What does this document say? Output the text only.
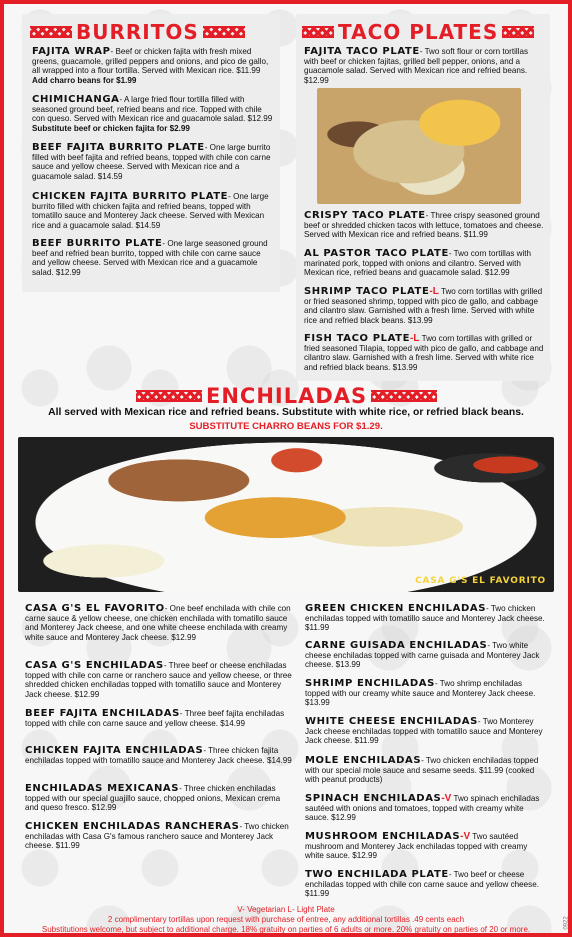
BURRITOS	TACO PLATES
FAJITA WRAP- Beef or chicken fajita with fresh mixed greens, guacamole, grilled peppers and onions, and pico de gallo, all wrapped into a flour tortilla. Served with Mexican rice. $11.99 Add charro beans for $1.99
CHIMICHANGA- A large fried flour tortilla filled with seasoned ground beef, refried beans and rice. Topped with chile con queso. Served with Mexican rice and guacamole salad. $12.99 Substitute beef or chicken fajita for $2.99
BEEF FAJITA BURRITO PLATE- One large burrito filled with beef fajita and refried beans, topped with chile con carne sauce and yellow cheese. Served with Mexican rice and a guacamole salad. $14.59
CHICKEN FAJITA BURRITO PLATE- One large burrito filled with chicken fajita and refried beans, topped with tomatillo sauce and Monterey Jack cheese. Served with Mexican rice and a guacamole salad. $14.59
BEEF BURRITO PLATE- One large seasoned ground beef and refried bean burrito, topped with chile con carne sauce and yellow cheese. Served with Mexican rice and a guacamole salad. $12.99
FAJITA TACO PLATE- Two soft flour or corn tortillas with beef or chicken fajitas, grilled bell pepper, onions, and a guacamole salad. Served with Mexican rice and refried beans. $12.99
CRISPY TACO PLATE- Three crispy seasoned ground beef or shredded chicken tacos with lettuce, tomatoes and cheese. Served with Mexican rice and refried beans. $11.99
AL PASTOR TACO PLATE- Two corn tortillas with marinated pork, topped with onions and cilantro. Served with Mexican rice, refried beans and guacamole salad. $12.99
SHRIMP TACO PLATE-L Two corn tortillas with grilled or fried seasoned shrimp, topped with pico de gallo, and cabbage and cilantro slaw. Garnished with a fresh lime. Served with white rice and refried black beans. $13.99
FISH TACO PLATE-L Two corn tortillas with grilled or fried seasoned Tilapia, topped with pico de gallo, and cabbage and cilantro slaw. Garnished with a fresh lime. Served with white rice and refried black beans. $13.99
ENCHILADAS
All served with Mexican rice and refried beans. Substitute with white rice, or refried black beans.
SUBSTITUTE CHARRO BEANS FOR $1.29.
CASA G'S EL FAVORITO
CASA G'S EL FAVORITO- One beef enchilada with chile con carne sauce & yellow cheese, one chicken enchilada with tomatillo sauce and Monterey Jack cheese, and one white cheese enchilada with creamy white sauce and Monterey Jack cheese. $12.99
CASA G'S ENCHILADAS- Three beef or cheese enchiladas topped with chile con carne or ranchero sauce and yellow cheese, or three shredded chicken enchiladas topped with tomatillo sauce and Monterey Jack cheese. $12.99
BEEF FAJITA ENCHILADAS- Three beef fajita enchiladas topped with chile con carne sauce and yellow cheese. $14.99
CHICKEN FAJITA ENCHILADAS- Three chicken fajita enchiladas topped with tomatillo sauce and Monterey Jack cheese. $14.99
ENCHILADAS MEXICANAS- Three chicken enchiladas topped with our special guajillo sauce, chopped onions, Mexican crema and queso fresco. $12.99
CHICKEN ENCHILADAS RANCHERAS- Two chicken enchiladas with Casa G's famous ranchero sauce and Monterey Jack cheese. $11.99
GREEN CHICKEN ENCHILADAS- Two chicken enchiladas topped with tomatillo sauce and Monterey Jack cheese. $11.99
CARNE GUISADA ENCHILADAS- Two white cheese enchiladas topped with carne guisada and Monterey Jack cheese. $13.99
SHRIMP ENCHILADAS- Two shrimp enchiladas topped with our creamy white sauce and Monterey Jack cheese. $13.99
WHITE CHEESE ENCHILADAS- Two Monterey Jack cheese enchiladas topped with tomatillo sauce and Monterey Jack cheese. $11.99
MOLE ENCHILADAS- Two chicken enchiladas topped with our special mole sauce and sesame seeds. $11.99 (cooked with peanut products)
SPINACH ENCHILADAS-V Two spinach enchiladas sautéed with onions and tomatoes, topped with creamy white sauce. $12.99
MUSHROOM ENCHILADAS-V Two sautéed mushroom and Monterey Jack enchiladas topped with creamy white sauce. $12.99
TWO ENCHILADA PLATE- Two beef or cheese enchiladas topped with chile con carne sauce and yellow cheese. $11.99
V- Vegetarian L- Light Plate
2 complimentary tortillas upon request with purchase of entree, any additional tortillas .49 cents each
Substitutions welcome, but subject to additional charge. 18% gratuity on parties of 6 adults or more. 20% gratuity on parties of 20 or more.	0922
